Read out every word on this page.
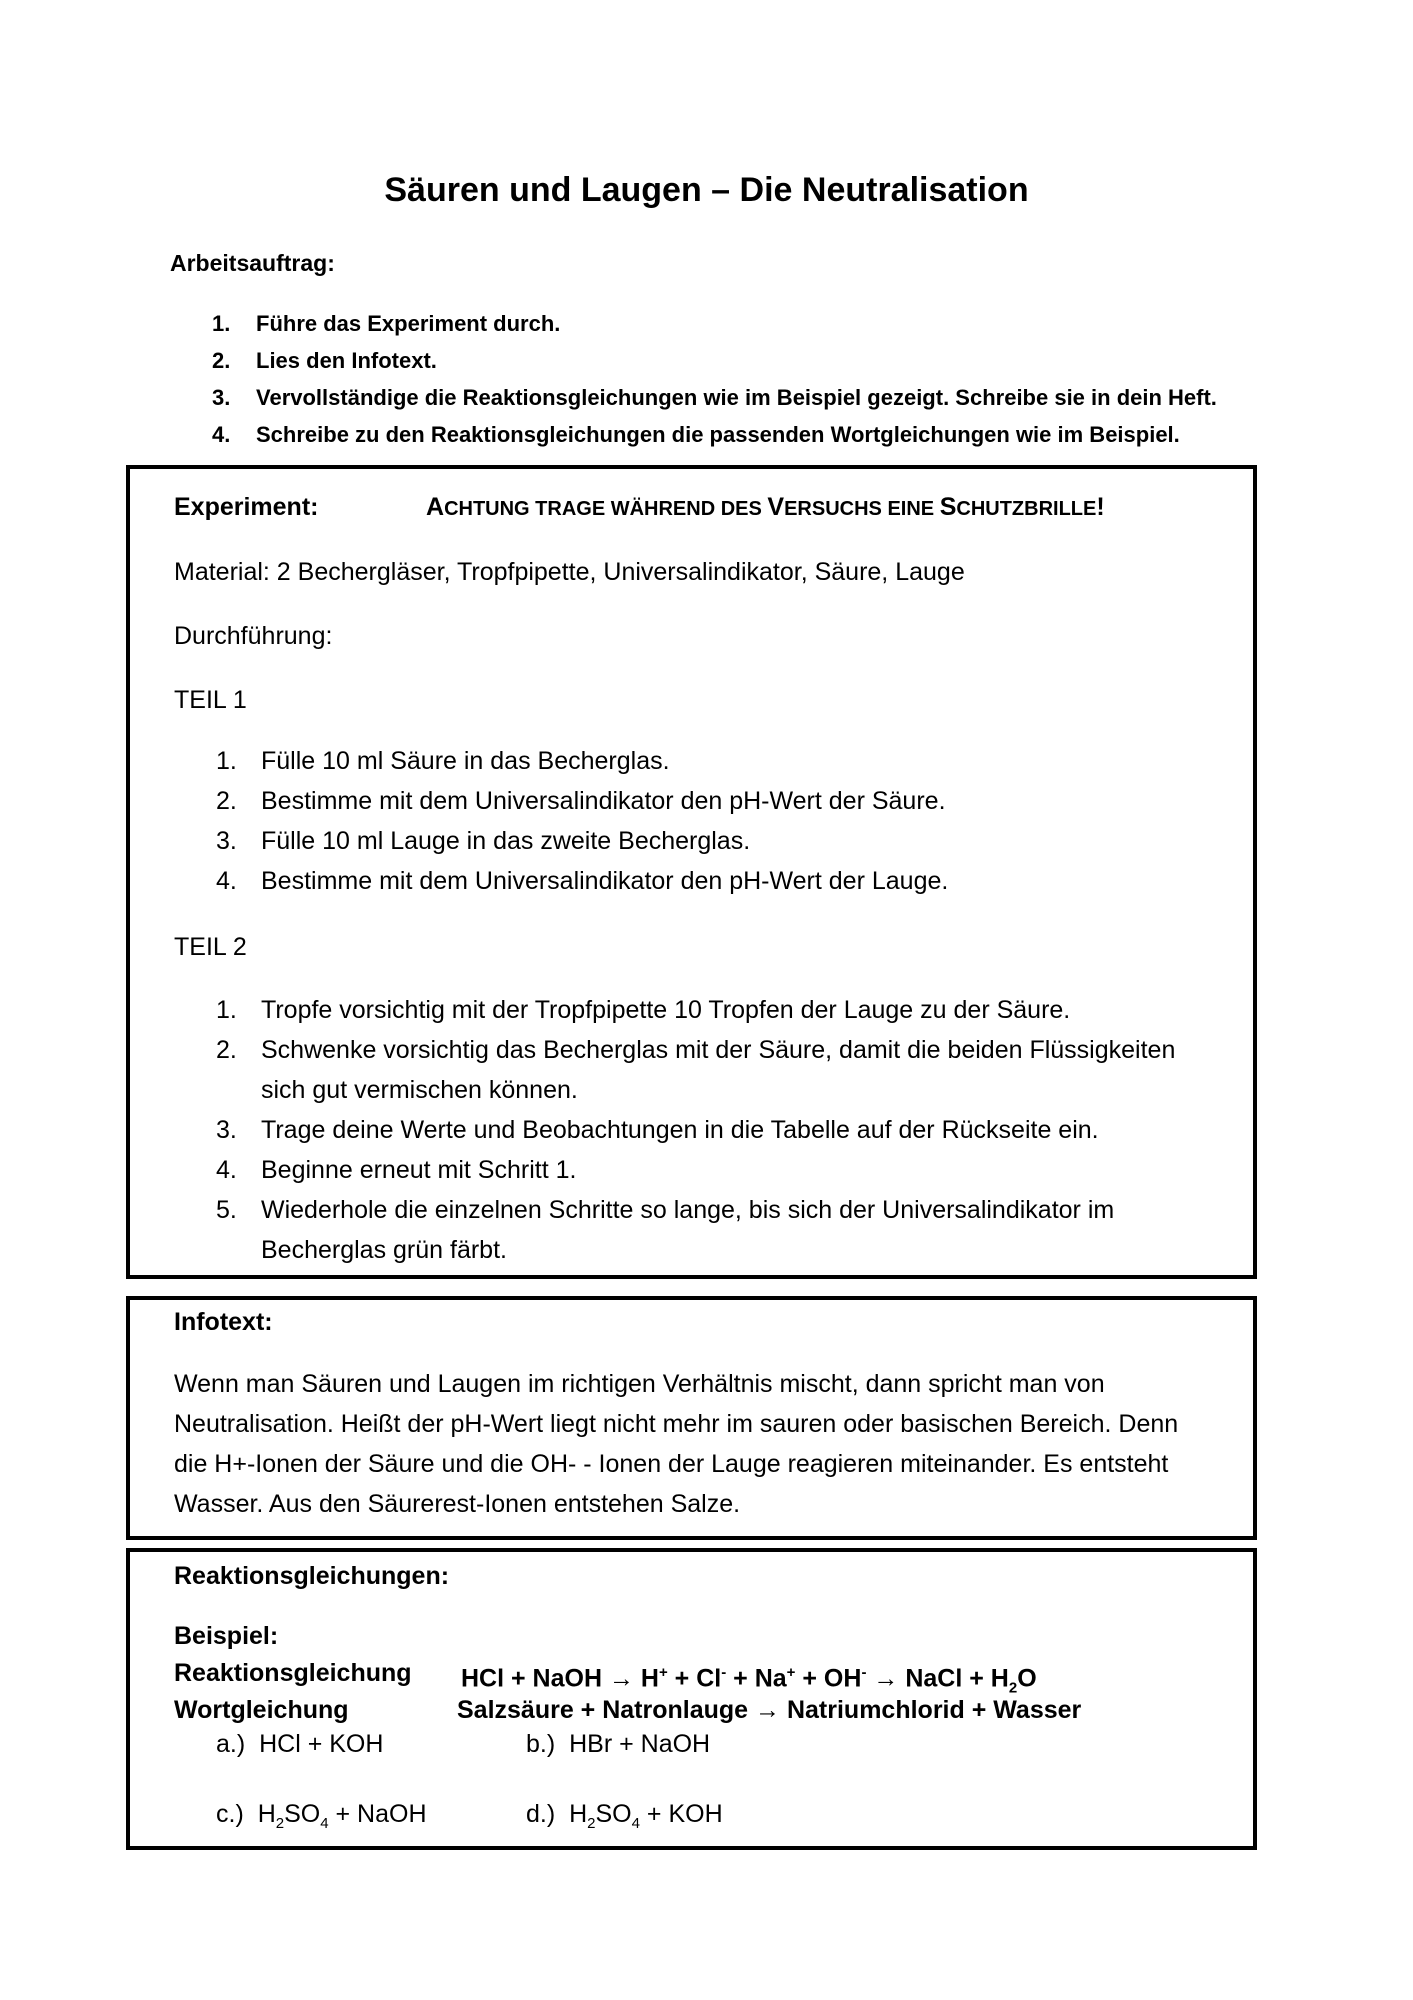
Säuren und Laugen – Die Neutralisation
Arbeitsauftrag:
1.	Führe das Experiment durch.
2.	Lies den Infotext.
3.	Vervollständige die Reaktionsgleichungen wie im Beispiel gezeigt. Schreibe sie in dein Heft.
4.	Schreibe zu den Reaktionsgleichungen die passenden Wortgleichungen wie im Beispiel.
Experiment:	ACHTUNG TRAGE WÄHREND DES VERSUCHS EINE SCHUTZBRILLE!
Material: 2 Bechergläser, Tropfpipette, Universalindikator, Säure, Lauge
Durchführung:
TEIL 1
1. Fülle 10 ml Säure in das Becherglas.
2. Bestimme mit dem Universalindikator den pH-Wert der Säure.
3. Fülle 10 ml Lauge in das zweite Becherglas.
4. Bestimme mit dem Universalindikator den pH-Wert der Lauge.
TEIL 2
1. Tropfe vorsichtig mit der Tropfpipette 10 Tropfen der Lauge zu der Säure.
2. Schwenke vorsichtig das Becherglas mit der Säure, damit die beiden Flüssigkeiten sich gut vermischen können.
3. Trage deine Werte und Beobachtungen in die Tabelle auf der Rückseite ein.
4. Beginne erneut mit Schritt 1.
5. Wiederhole die einzelnen Schritte so lange, bis sich der Universalindikator im Becherglas grün färbt.
Infotext:
Wenn man Säuren und Laugen im richtigen Verhältnis mischt, dann spricht man von Neutralisation. Heißt der pH-Wert liegt nicht mehr im sauren oder basischen Bereich. Denn die H+-Ionen der Säure und die OH- - Ionen der Lauge reagieren miteinander. Es entsteht Wasser. Aus den Säurerest-Ionen entstehen Salze.
Reaktionsgleichungen:
Beispiel:
Reaktionsgleichung HCl + NaOH → H+ + Cl- + Na+ + OH- → NaCl + $H_2O$
Wortgleichung	Salzsäure + Natronlauge → Natriumchlorid + Wasser
a.) HCl + KOH	b.) HBr + NaOH
c.) $H_2SO_4$ + NaOH	d.) $H_2SO_4$ + KOH
